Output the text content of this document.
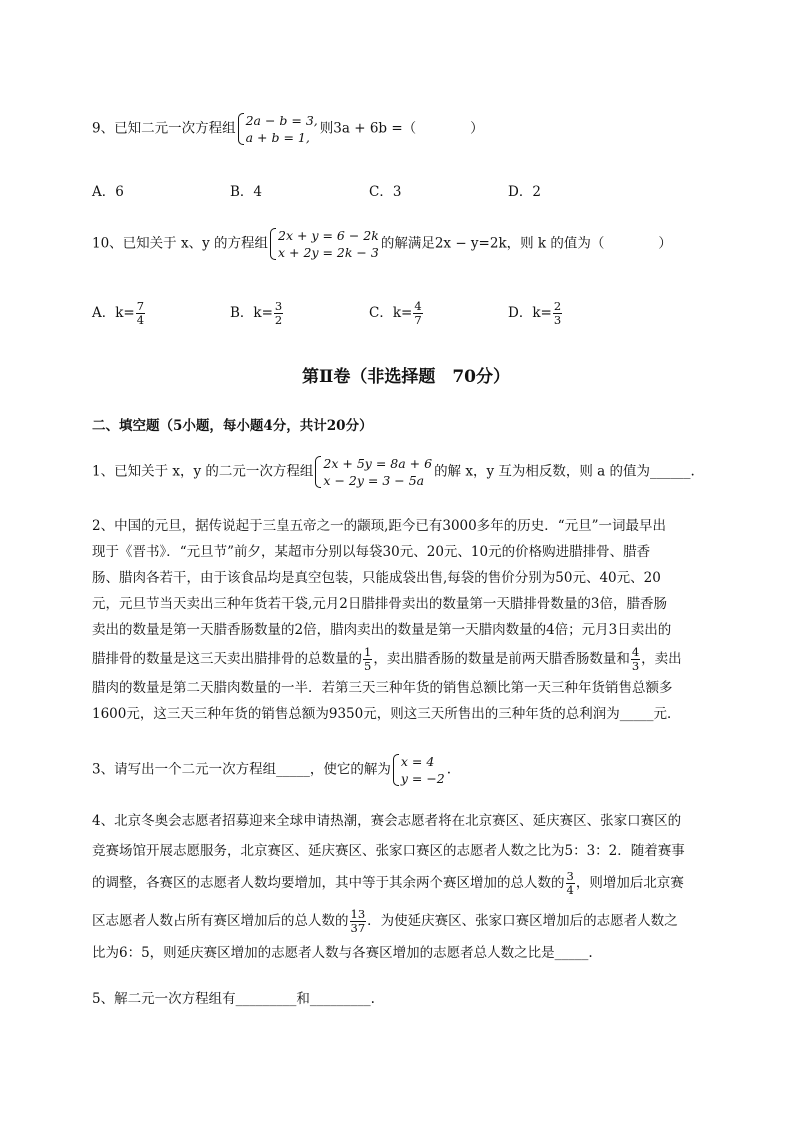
9、已知二元一次方程组 2a − b = 3,
a + b = 1,
则3a + 6b =（　　　　）
A．6	B．4	C．3	D．2
10、已知关于 x、y 的方程组 2x + y = 6 − 2k
x + 2y = 2k − 3
的解满足2x − y=2k，则 k 的值为（　　　　）
A．$k= \frac{7}{4}$	B．$k= \frac{3}{2}$	C．$k= \frac{4}{7}$	D．$k= \frac{2}{3}$
第Ⅱ卷（非选择题　70分）
二、填空题（5小题，每小题4分，共计20分）
1、已知关于 x，y 的二元一次方程组 2x + 5y = 8a + 6
x − 2y = 3 − 5a
的解 x，y 互为相反数，则 a 的值为______.
2、中国的元旦，据传说起于三皇五帝之一的颛顼,距今已有3000多年的历史．“元旦”一词最早出
现于《晋书》．“元旦节”前夕，某超市分别以每袋30元、20元、10元的价格购进腊排骨、腊香
肠、腊肉各若干，由于该食品均是真空包装，只能成袋出售,每袋的售价分别为50元、40元、20
元，元旦节当天卖出三种年货若干袋,元月2日腊排骨卖出的数量第一天腊排骨数量的3倍，腊香肠
卖出的数量是第一天腊香肠数量的2倍，腊肉卖出的数量是第一天腊肉数量的4倍；元月3日卖出的
腊排骨的数量是这三天卖出腊排骨的总数量的 $\frac{1}{5}$ ，卖出腊香肠的数量是前两天腊香肠数量和 $\frac{4}{3}$ ，卖出
腊肉的数量是第二天腊肉数量的一半．若第三天三种年货的销售总额比第一天三种年货销售总额多
1600元，这三天三种年货的销售总额为9350元，则这三天所售出的三种年货的总利润为_____元．
3、请写出一个二元一次方程组_____，使它的解为 x = 4
y = −2
.
4、北京冬奥会志愿者招募迎来全球申请热潮，赛会志愿者将在北京赛区、延庆赛区、张家口赛区的
竞赛场馆开展志愿服务，北京赛区、延庆赛区、张家口赛区的志愿者人数之比为5：3：2．随着赛事
的调整，各赛区的志愿者人数均要增加，其中等于其余两个赛区增加的总人数的 $\frac{3}{4}$ ，则增加后北京赛
区志愿者人数占所有赛区增加后的总人数的 $\frac{13}{37}$ ．为使延庆赛区、张家口赛区增加后的志愿者人数之
比为6：5，则延庆赛区增加的志愿者人数与各赛区增加的志愿者总人数之比是_____.
5、解二元一次方程组有_________和_________.
